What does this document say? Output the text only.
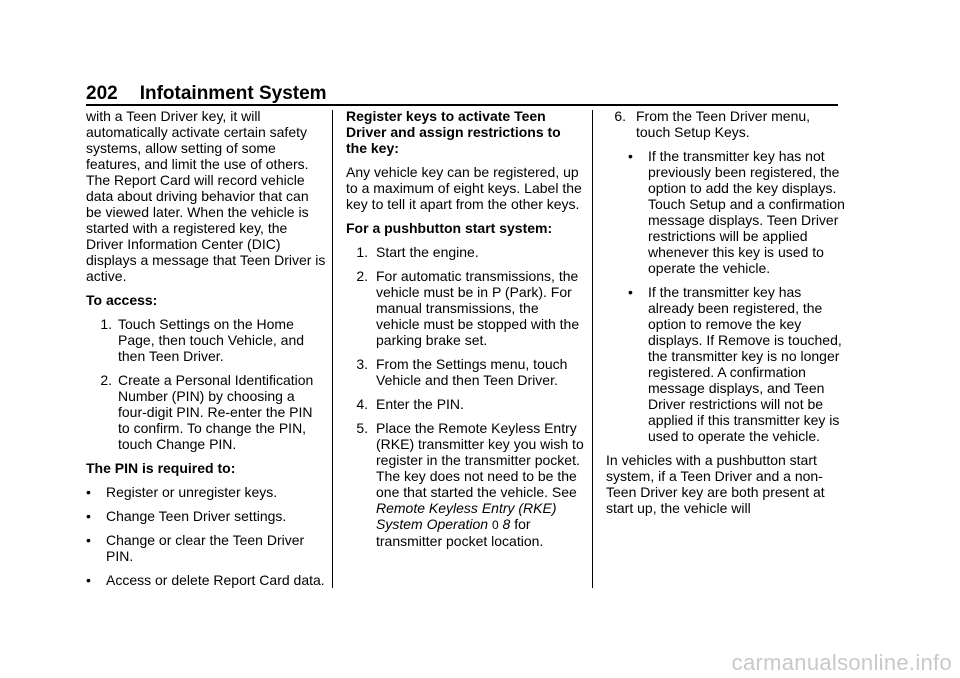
202 Infotainment System

with a Teen Driver key, it will automatically activate certain safety systems, allow setting of some features, and limit the use of others. The Report Card will record vehicle data about driving behavior that can be viewed later. When the vehicle is started with a registered key, the Driver Information Center (DIC) displays a message that Teen Driver is active.

To access:

1. Touch Settings on the Home Page, then touch Vehicle, and then Teen Driver.
2. Create a Personal Identification Number (PIN) by choosing a four-digit PIN. Re-enter the PIN to confirm. To change the PIN, touch Change PIN.

The PIN is required to:

•	Register or unregister keys.
•	Change Teen Driver settings.
•	Change or clear the Teen Driver PIN.
•	Access or delete Report Card data.

Register keys to activate Teen Driver and assign restrictions to the key:

Any vehicle key can be registered, up to a maximum of eight keys. Label the key to tell it apart from the other keys.

For a pushbutton start system:

1. Start the engine.
2. For automatic transmissions, the vehicle must be in P (Park). For manual transmissions, the vehicle must be stopped with the parking brake set.
3. From the Settings menu, touch Vehicle and then Teen Driver.
4. Enter the PIN.
5. Place the Remote Keyless Entry (RKE) transmitter key you wish to register in the transmitter pocket. The key does not need to be the one that started the vehicle. See Remote Keyless Entry (RKE) System Operation 0 8 for transmitter pocket location.
6. From the Teen Driver menu, touch Setup Keys.
•	If the transmitter key has not previously been registered, the option to add the key displays. Touch Setup and a confirmation message displays. Teen Driver restrictions will be applied whenever this key is used to operate the vehicle.
•	If the transmitter key has already been registered, the option to remove the key displays. If Remove is touched, the transmitter key is no longer registered. A confirmation message displays, and Teen Driver restrictions will not be applied if this transmitter key is used to operate the vehicle.

In vehicles with a pushbutton start system, if a Teen Driver and a non-Teen Driver key are both present at start up, the vehicle will

carmanualsonline.info
